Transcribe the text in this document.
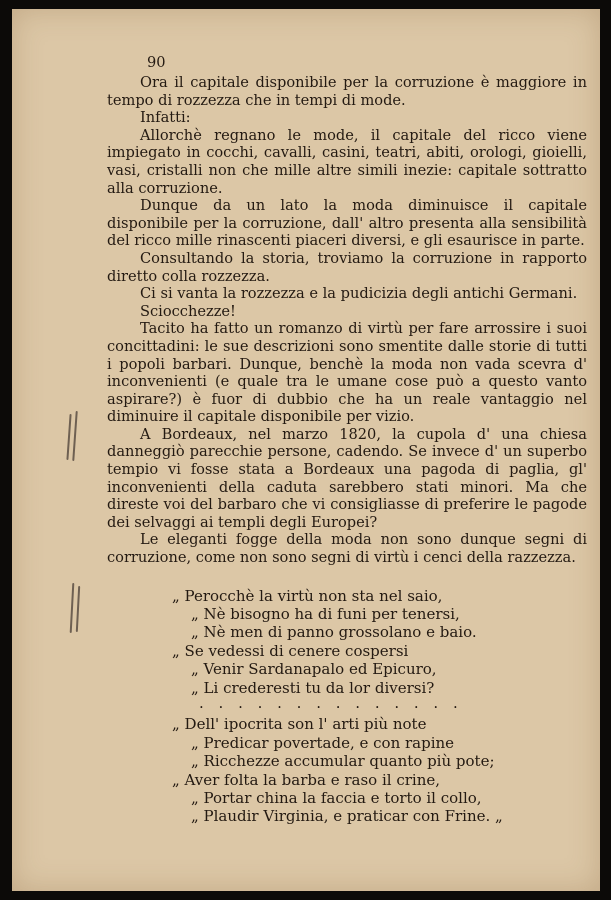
90

Ora il capitale disponibile per la corruzione è maggiore in tempo di rozzezza che in tempi di mode.

Infatti:

Allorchè regnano le mode, il capitale del ricco viene impiegato in cocchi, cavalli, casini, teatri, abiti, orologi, gioielli, vasi, cristalli non che mille altre simili inezie: capitale sottratto alla corruzione.

Dunque da un lato la moda diminuisce il capitale disponibile per la corruzione, dall' altro presenta alla sensibilità del ricco mille rinascenti piaceri diversi, e gli esaurisce in parte.

Consultando la storia, troviamo la corruzione in rapporto diretto colla rozzezza.

Ci si vanta la rozzezza e la pudicizia degli antichi Germani.

Sciocchezze!

Tacito ha fatto un romanzo di virtù per fare arrossire i suoi concittadini: le sue descrizioni sono smentite dalle storie di tutti i popoli barbari. Dunque, benchè la moda non vada scevra d' inconvenienti (e quale tra le umane cose può a questo vanto aspirare?) è fuor di dubbio che ha un reale vantaggio nel diminuire il capitale disponibile per vizio.

A Bordeaux, nel marzo 1820, la cupola d' una chiesa danneggiò parecchie persone, cadendo. Se invece d' un superbo tempio vi fosse stata a Bordeaux una pagoda di paglia, gl' inconvenienti della caduta sarebbero stati minori. Ma che direste voi del barbaro che vi consigliasse di preferire le pagode dei selvaggi ai templi degli Europei?

Le eleganti fogge della moda non sono dunque segni di corruzione, come non sono segni di virtù i cenci della razzezza.

„ Perocchè la virtù non sta nel saio,
„ Nè bisogno ha di funi per tenersi,
„ Nè men di panno grossolano e baio.
„ Se vedessi di cenere cospersi
„ Venir Sardanapalo ed Epicuro,
„ Li crederesti tu da lor diversi?
. . . . . . . . . . . . . .
„ Dell' ipocrita son l' arti più note
„ Predicar povertade, e con rapine
„ Ricchezze accumular quanto più pote;
„ Aver folta la barba e raso il crine,
„ Portar china la faccia e torto il collo,
„ Plaudir Virginia, e praticar con Frine. „
